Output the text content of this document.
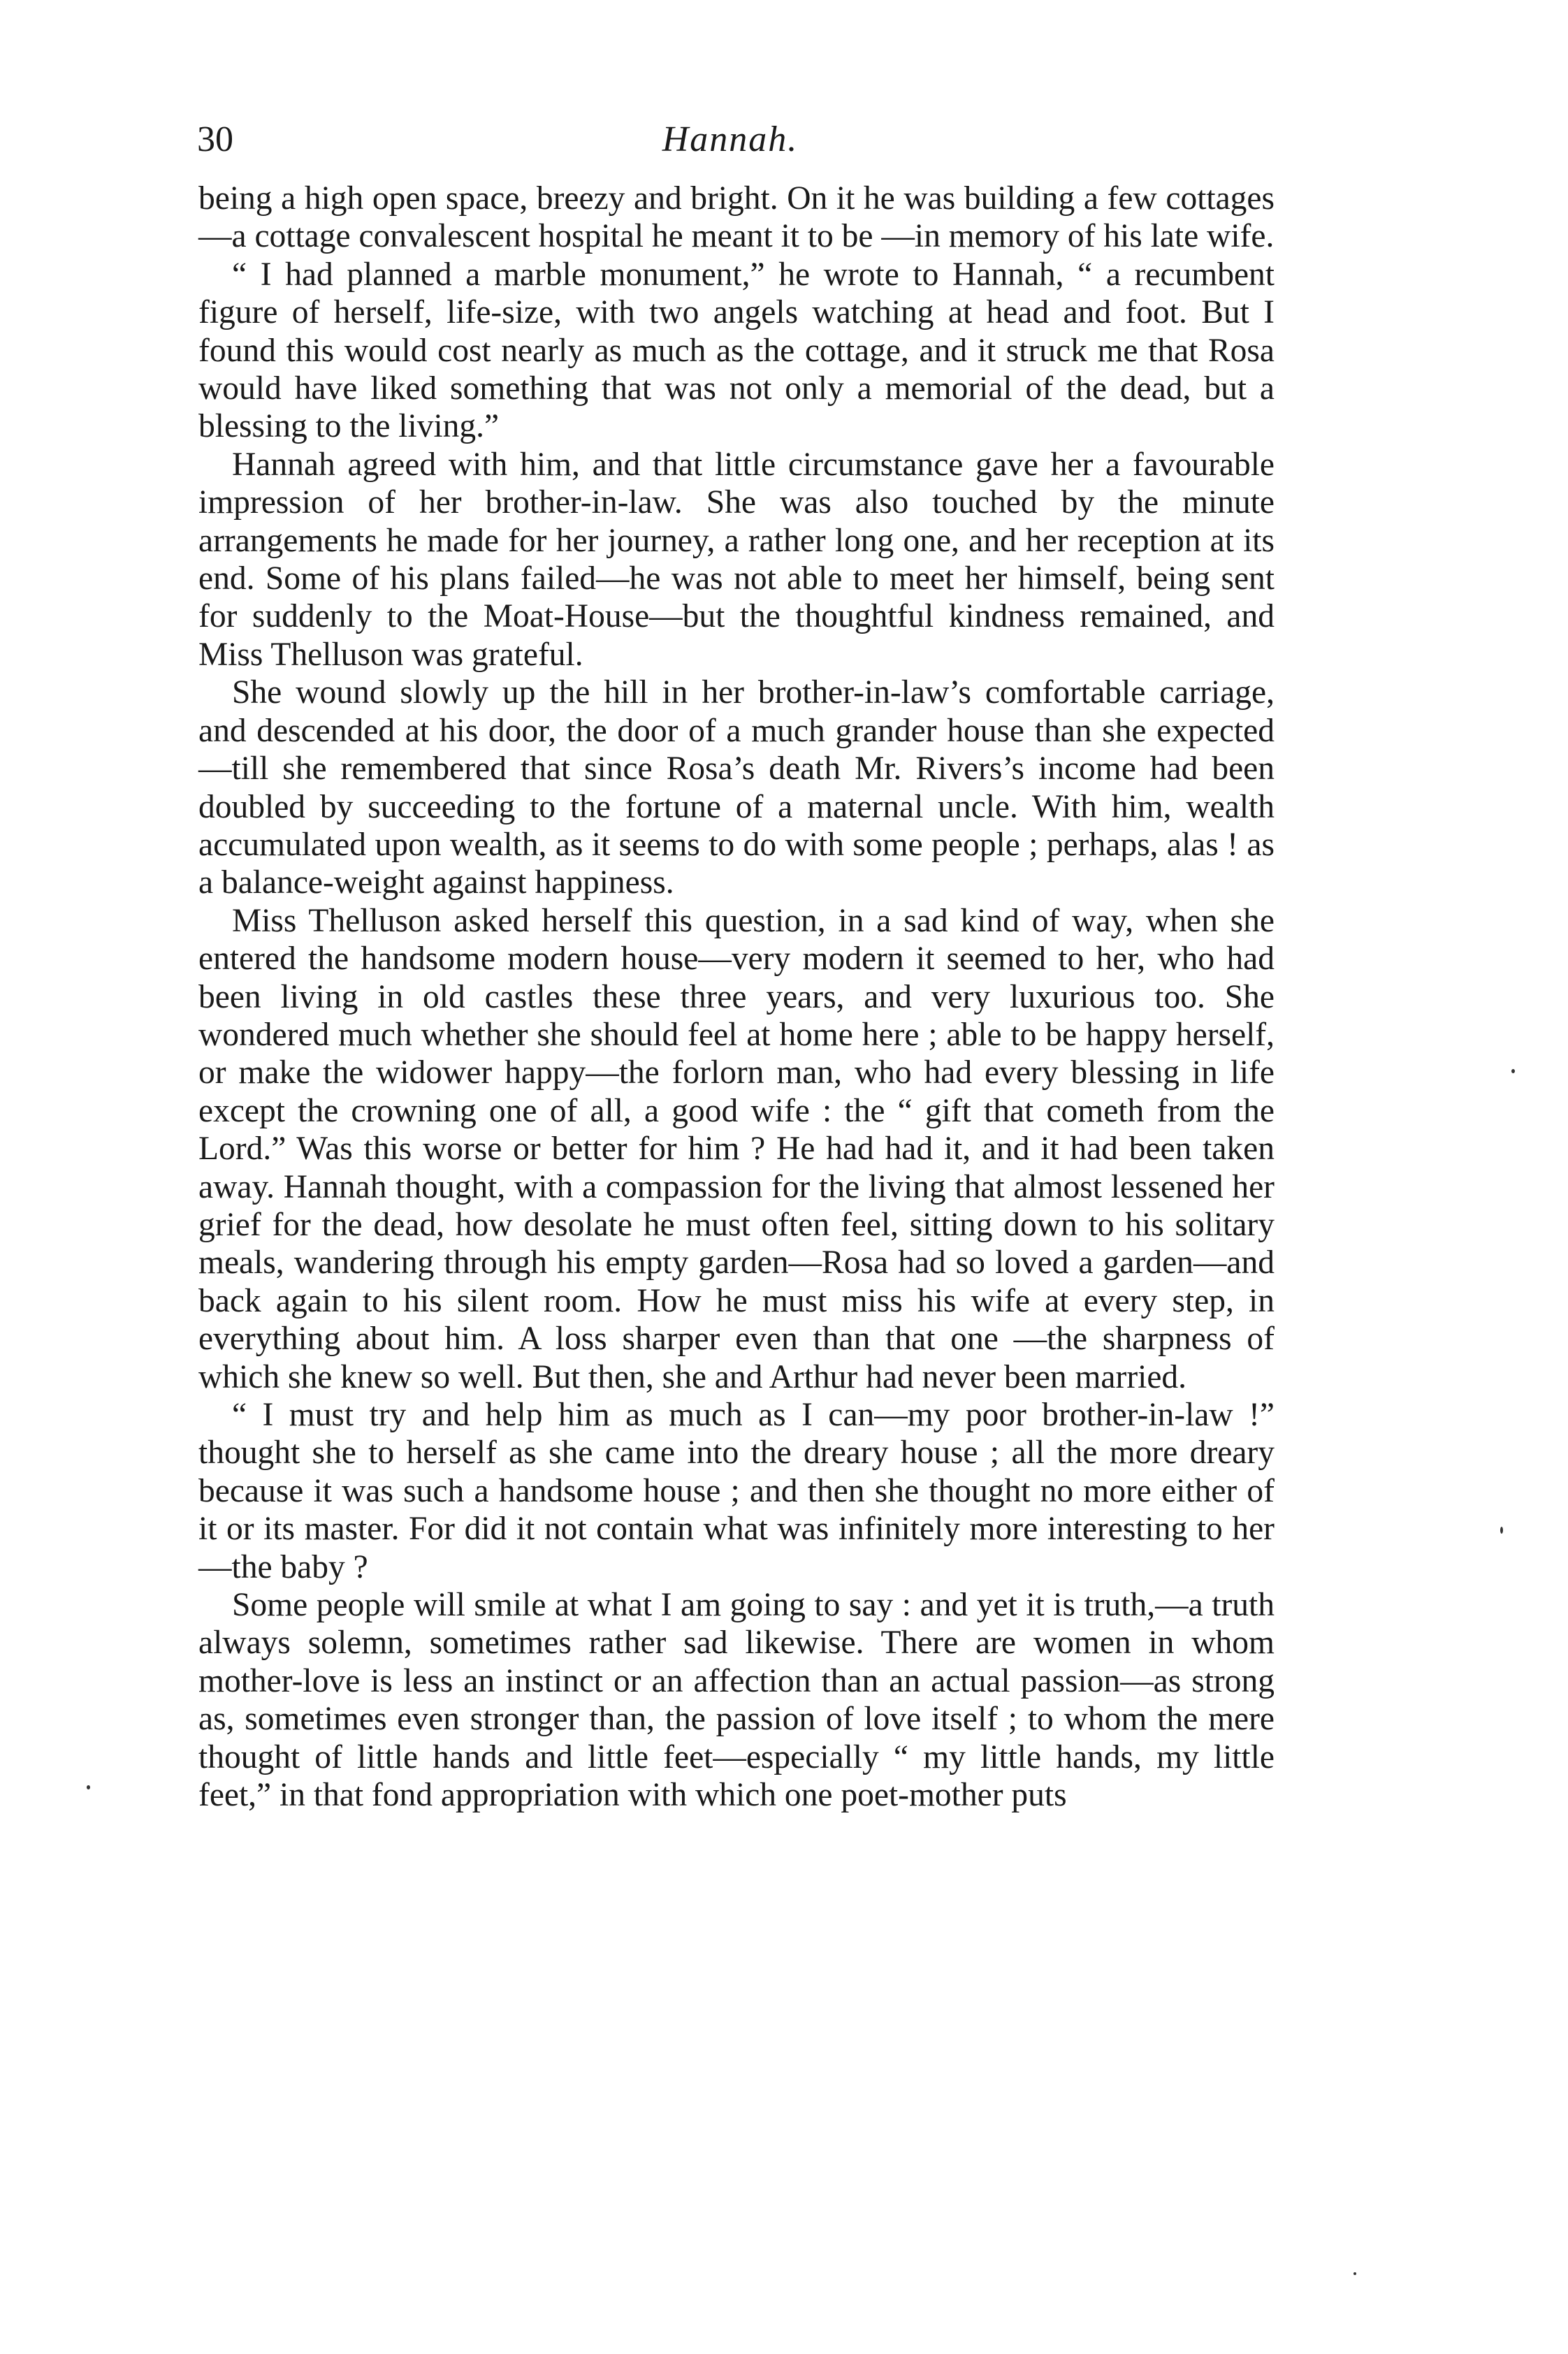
30	Hannah.

being a high open space, breezy and bright. On it he was building a few cottages—a cottage convalescent hospital he meant it to be —in memory of his late wife.

“ I had planned a marble monument,” he wrote to Hannah, “ a recumbent figure of herself, life-size, with two angels watching at head and foot. But I found this would cost nearly as much as the cottage, and it struck me that Rosa would have liked something that was not only a memorial of the dead, but a blessing to the living.”

Hannah agreed with him, and that little circumstance gave her a favourable impression of her brother-in-law. She was also touched by the minute arrangements he made for her journey, a rather long one, and her reception at its end. Some of his plans failed—he was not able to meet her himself, being sent for suddenly to the Moat-House—but the thoughtful kindness remained, and Miss Thelluson was grateful.

She wound slowly up the hill in her brother-in-law’s comfortable carriage, and descended at his door, the door of a much grander house than she expected—till she remembered that since Rosa’s death Mr. Rivers’s income had been doubled by succeeding to the fortune of a maternal uncle. With him, wealth accumulated upon wealth, as it seems to do with some people ; perhaps, alas ! as a balance-weight against happiness.

Miss Thelluson asked herself this question, in a sad kind of way, when she entered the handsome modern house—very modern it seemed to her, who had been living in old castles these three years, and very luxurious too. She wondered much whether she should feel at home here ; able to be happy herself, or make the widower happy—the forlorn man, who had every blessing in life except the crowning one of all, a good wife : the “ gift that cometh from the Lord.” Was this worse or better for him ? He had had it, and it had been taken away. Hannah thought, with a compassion for the living that almost lessened her grief for the dead, how desolate he must often feel, sitting down to his solitary meals, wandering through his empty garden—Rosa had so loved a garden—and back again to his silent room. How he must miss his wife at every step, in everything about him. A loss sharper even than that one —the sharpness of which she knew so well. But then, she and Arthur had never been married.

“ I must try and help him as much as I can—my poor brother-in-law !” thought she to herself as she came into the dreary house ; all the more dreary because it was such a handsome house ; and then she thought no more either of it or its master. For did it not contain what was infinitely more interesting to her—the baby ?

Some people will smile at what I am going to say : and yet it is truth,—a truth always solemn, sometimes rather sad likewise. There are women in whom mother-love is less an instinct or an affection than an actual passion—as strong as, sometimes even stronger than, the passion of love itself ; to whom the mere thought of little hands and little feet—especially “ my little hands, my little feet,” in that fond appropriation with which one poet-mother puts
